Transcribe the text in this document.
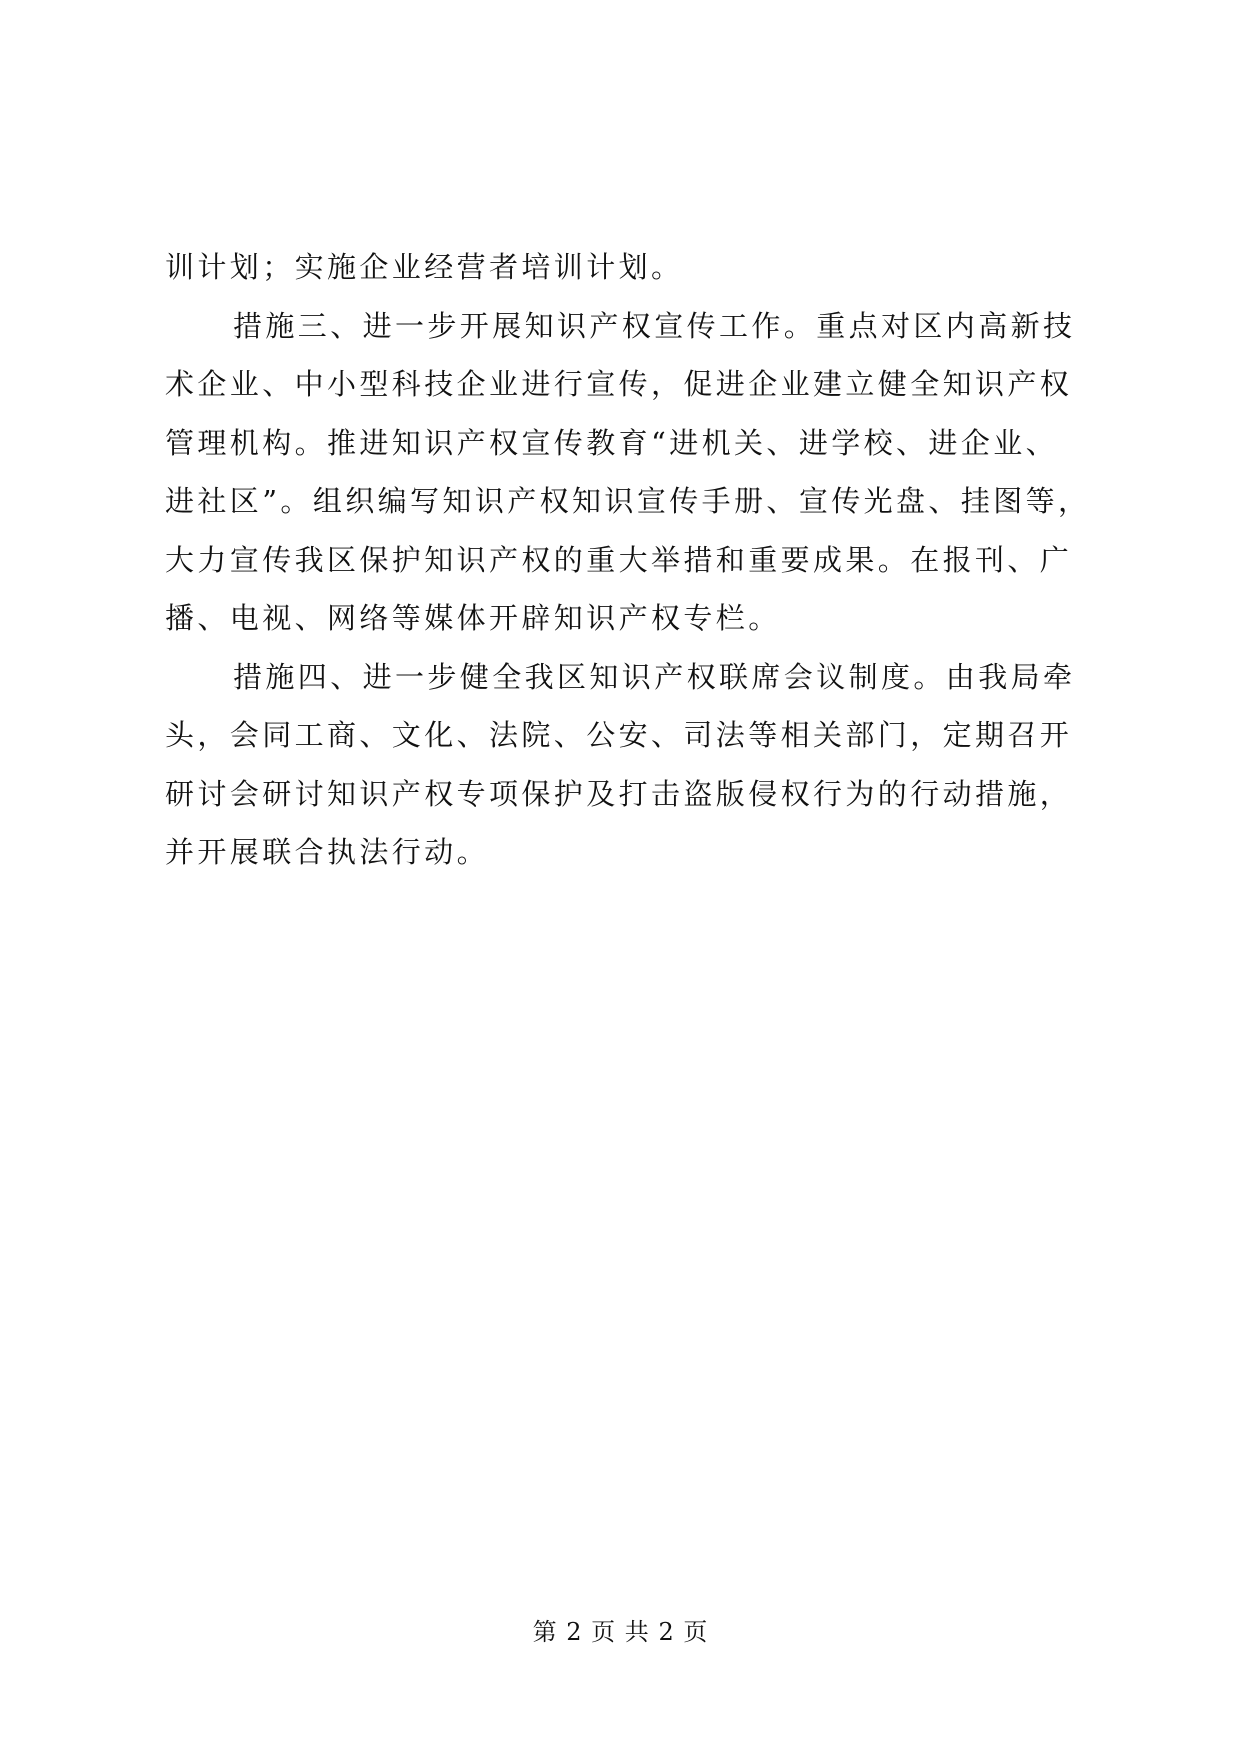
训计划；实施企业经营者培训计划。
措施三、进一步开展知识产权宣传工作。重点对区内高新技
术企业、中小型科技企业进行宣传，促进企业建立健全知识产权
管理机构。推进知识产权宣传教育“进机关、进学校、进企业、
进社区”。组织编写知识产权知识宣传手册、宣传光盘、挂图等，
大力宣传我区保护知识产权的重大举措和重要成果。在报刊、广
播、电视、网络等媒体开辟知识产权专栏。
措施四、进一步健全我区知识产权联席会议制度。由我局牵
头，会同工商、文化、法院、公安、司法等相关部门，定期召开
研讨会研讨知识产权专项保护及打击盗版侵权行为的行动措施，
并开展联合执法行动。
第 2 页 共 2 页
